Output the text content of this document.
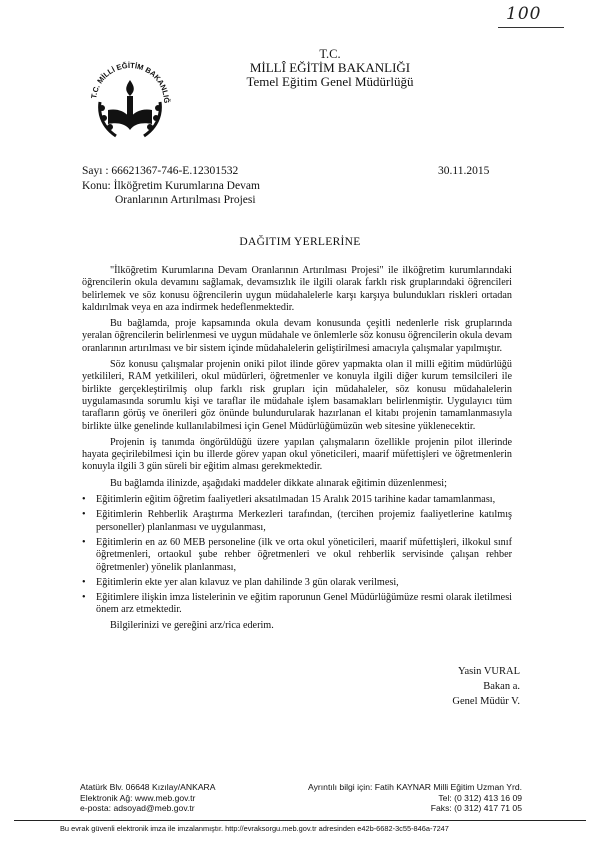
100
T.C. MİLLİ EĞİTİM BAKANLIĞ
T.C.
MİLLÎ EĞİTİM BAKANLIĞI
Temel Eğitim Genel Müdürlüğü
Sayı : 66621367-746-E.12301532	30.11.2015
Konu: İlköğretim Kurumlarına Devam
Oranlarının Artırılması Projesi
DAĞITIM YERLERİNE

"İlköğretim Kurumlarına Devam Oranlarının Artırılması Projesi" ile ilköğretim kurumlarındaki öğrencilerin okula devamını sağlamak, devamsızlık ile ilgili olarak farklı risk gruplarındaki öğrencileri belirlemek ve söz konusu öğrencilerin uygun müdahalelerle karşı karşıya bulundukları riskleri ortadan kaldırılmak veya en aza indirmek hedeflenmektedir.

Bu bağlamda, proje kapsamında okula devam konusunda çeşitli nedenlerle risk gruplarında yeralan öğrencilerin belirlenmesi ve uygun müdahale ve önlemlerle söz konusu öğrencilerin okula devam oranlarının artırılması ve bir sistem içinde müdahalelerin geliştirilmesi amacıyla çalışmalar yapılmıştır.

Söz konusu çalışmalar projenin oniki pilot ilinde görev yapmakta olan il milli eğitim müdürlüğü yetkilileri, RAM yetkilileri, okul müdürleri, öğretmenler ve konuyla ilgili diğer kurum temsilcileri ile birlikte gerçekleştirilmiş olup farklı risk grupları için müdahaleler, söz konusu müdahalelerin uygulamasında sorumlu kişi ve taraflar ile müdahale işlem basamakları belirlenmiştir. Uygulayıcı tüm tarafların görüş ve önerileri göz önünde bulundurularak hazırlanan el kitabı projenin tamamlanmasıyla birlikte ülke genelinde kullanılabilmesi için Genel Müdürlüğümüzün web sitesine yüklenecektir.

Projenin iş tanımda öngörüldüğü üzere yapılan çalışmaların özellikle projenin pilot illerinde hayata geçirilebilmesi için bu illerde görev yapan okul yöneticileri, maarif müfettişleri ve öğretmenlerin konuyla ilgili 3 gün süreli bir eğitim alması gerekmektedir.

Bu bağlamda ilinizde, aşağıdaki maddeler dikkate alınarak eğitimin düzenlenmesi;

• Eğitimlerin eğitim öğretim faaliyetleri aksatılmadan 15 Aralık 2015 tarihine kadar tamamlanması,
• Eğitimlerin Rehberlik Araştırma Merkezleri tarafından, (tercihen projemiz faaliyetlerine katılmış personeller) planlanması ve uygulanması,
• Eğitimlerin en az 60 MEB personeline (ilk ve orta okul yöneticileri, maarif müfettişleri, ilkokul sınıf öğretmenleri, ortaokul şube rehber öğretmenleri ve okul rehberlik servisinde çalışan rehber öğretmenler) yönelik planlanması,
• Eğitimlerin ekte yer alan kılavuz ve plan dahilinde 3 gün olarak verilmesi,
• Eğitimlere ilişkin imza listelerinin ve eğitim raporunun Genel Müdürlüğümüze resmi olarak iletilmesi önem arz etmektedir.

Bilgilerinizi ve gereğini arz/rica ederim.

Yasin VURAL
Bakan a.
Genel Müdür V.
Atatürk Blv. 06648 Kızılay/ANKARA
Elektronik Ağ: www.meb.gov.tr
e-posta: adsoyad@meb.gov.tr
Ayrıntılı bilgi için: Fatih KAYNAR Milli Eğitim Uzman Yrd.
Tel: (0 312) 413 16 09
Faks: (0 312) 417 71 05
Bu evrak güvenli elektronik imza ile imzalanmıştır. http://evraksorgu.meb.gov.tr adresinden e42b-6682-3c55-846a-7247
